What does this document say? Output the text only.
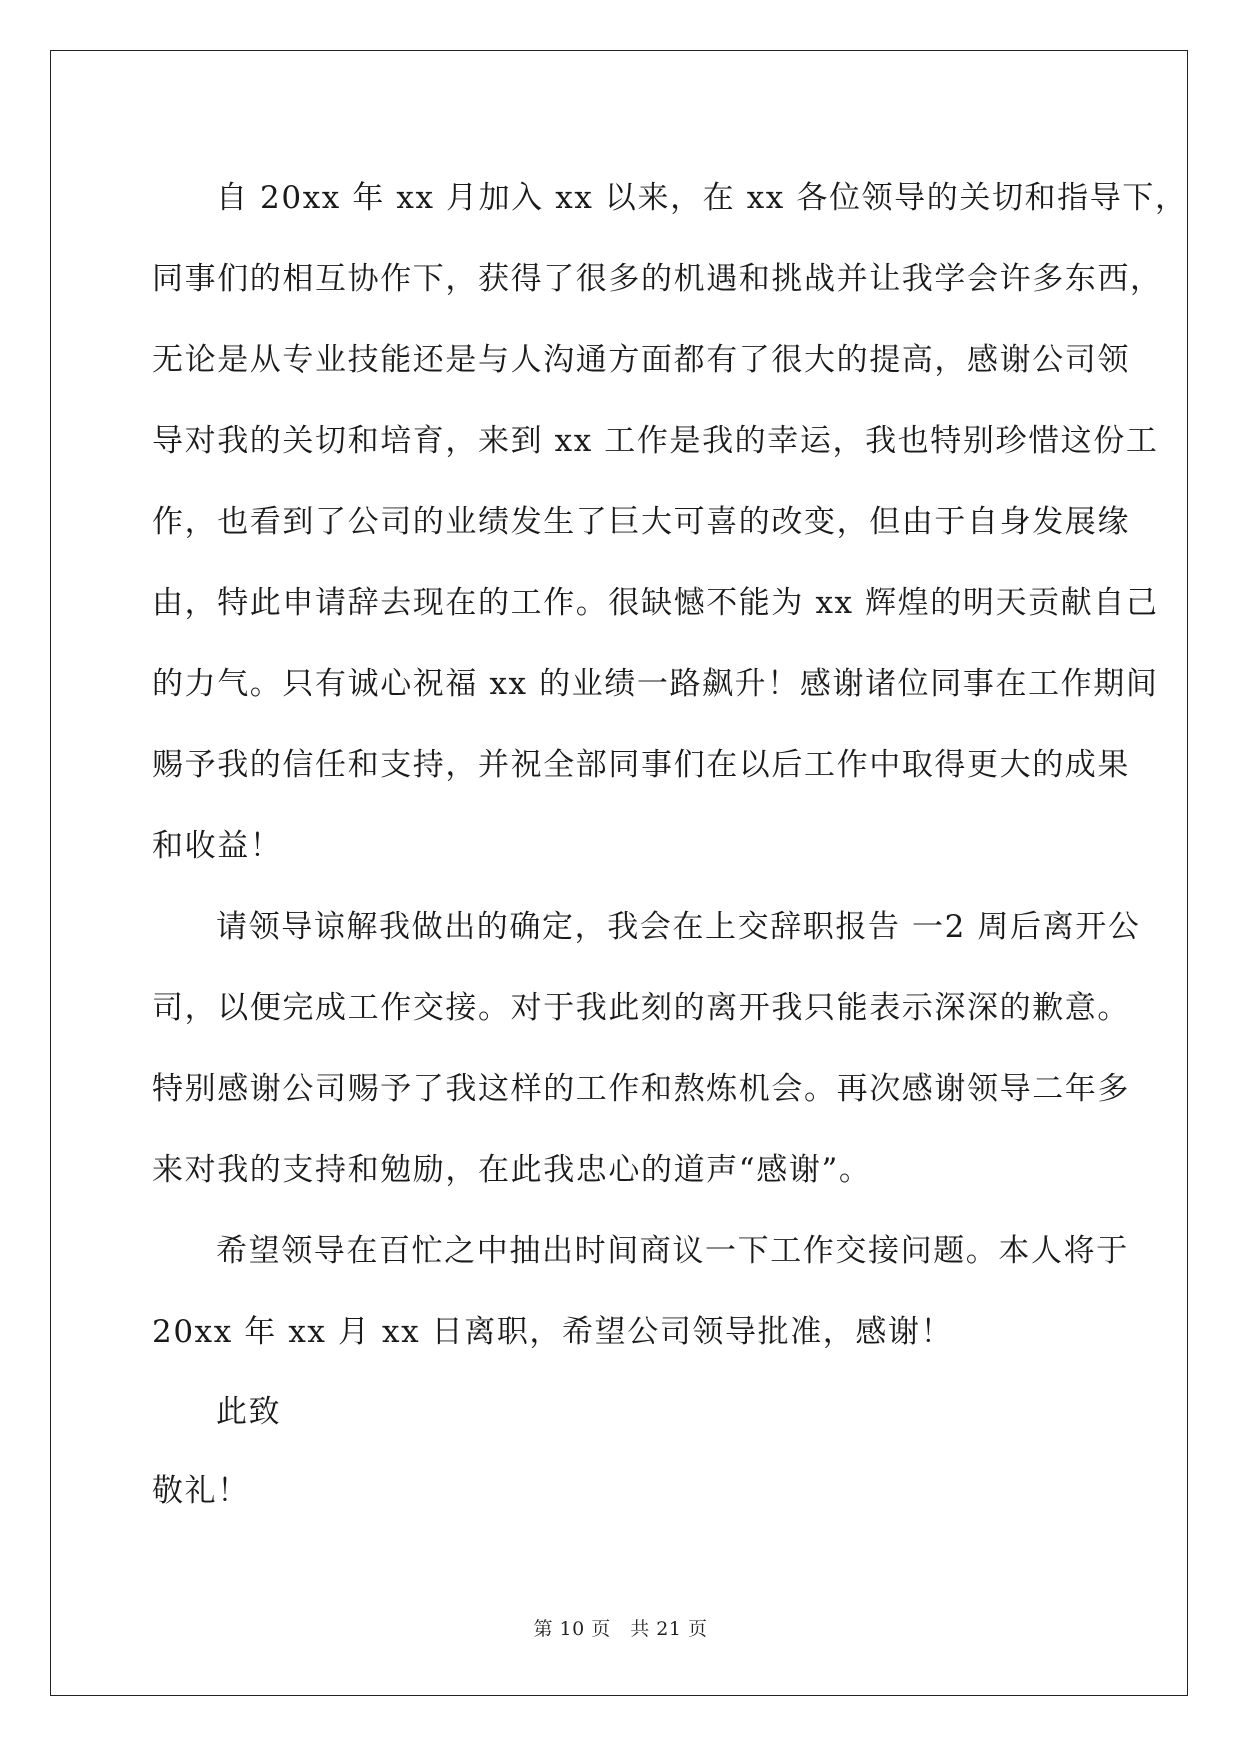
自 20xx 年 xx 月加入 xx 以来，在 xx 各位领导的关切和指导下，
同事们的相互协作下，获得了很多的机遇和挑战并让我学会许多东西，
无论是从专业技能还是与人沟通方面都有了很大的提高，感谢公司领
导对我的关切和培育，来到 xx 工作是我的幸运，我也特别珍惜这份工
作，也看到了公司的业绩发生了巨大可喜的改变，但由于自身发展缘
由，特此申请辞去现在的工作。很缺憾不能为 xx 辉煌的明天贡献自己
的力气。只有诚心祝福 xx 的业绩一路飙升！感谢诸位同事在工作期间
赐予我的信任和支持，并祝全部同事们在以后工作中取得更大的成果
和收益！
请领导谅解我做出的确定，我会在上交辞职报告 一2 周后离开公
司，以便完成工作交接。对于我此刻的离开我只能表示深深的歉意。
特别感谢公司赐予了我这样的工作和熬炼机会。再次感谢领导二年多
来对我的支持和勉励，在此我忠心的道声“感谢”。
希望领导在百忙之中抽出时间商议一下工作交接问题。本人将于
20xx 年 xx 月 xx 日离职，希望公司领导批准，感谢！
此致
敬礼！
第 10 页　共 21 页
